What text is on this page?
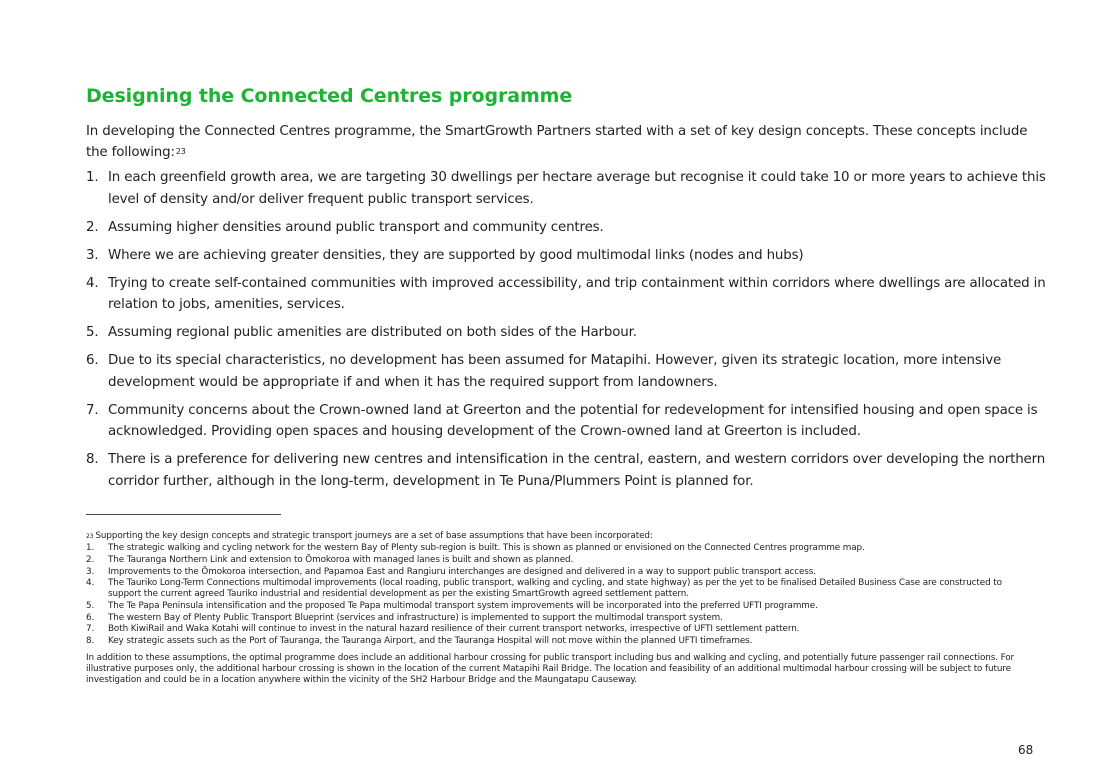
Designing the Connected Centres programme

In developing the Connected Centres programme, the SmartGrowth Partners started with a set of key design concepts. These concepts include the following:$^{23}$

1. In each greenfield growth area, we are targeting 30 dwellings per hectare average but recognise it could take 10 or more years to achieve this level of density and/or deliver frequent public transport services.
2. Assuming higher densities around public transport and community centres.
3. Where we are achieving greater densities, they are supported by good multimodal links (nodes and hubs)
4. Trying to create self-contained communities with improved accessibility, and trip containment within corridors where dwellings are allocated in relation to jobs, amenities, services.
5. Assuming regional public amenities are distributed on both sides of the Harbour.
6. Due to its special characteristics, no development has been assumed for Matapihi. However, given its strategic location, more intensive development would be appropriate if and when it has the required support from landowners.
7. Community concerns about the Crown-owned land at Greerton and the potential for redevelopment for intensified housing and open space is acknowledged. Providing open spaces and housing development of the Crown-owned land at Greerton is included.
8. There is a preference for delivering new centres and intensification in the central, eastern, and western corridors over developing the northern corridor further, although in the long-term, development in Te Puna/Plummers Point is planned for.

$^{23}$ Supporting the key design concepts and strategic transport journeys are a set of base assumptions that have been incorporated:

1. The strategic walking and cycling network for the western Bay of Plenty sub-region is built. This is shown as planned or envisioned on the Connected Centres programme map.
2. The Tauranga Northern Link and extension to Ōmokoroa with managed lanes is built and shown as planned.
3. Improvements to the Ōmokoroa intersection, and Papamoa East and Rangiuru interchanges are designed and delivered in a way to support public transport access.
4. The Tauriko Long-Term Connections multimodal improvements (local roading, public transport, walking and cycling, and state highway) as per the yet to be finalised Detailed Business Case are constructed to support the current agreed Tauriko industrial and residential development as per the existing SmartGrowth agreed settlement pattern.
5. The Te Papa Peninsula intensification and the proposed Te Papa multimodal transport system improvements will be incorporated into the preferred UFTI programme.
6. The western Bay of Plenty Public Transport Blueprint (services and infrastructure) is implemented to support the multimodal transport system.
7. Both KiwiRail and Waka Kotahi will continue to invest in the natural hazard resilience of their current transport networks, irrespective of UFTI settlement pattern.
8. Key strategic assets such as the Port of Tauranga, the Tauranga Airport, and the Tauranga Hospital will not move within the planned UFTI timeframes.

In addition to these assumptions, the optimal programme does include an additional harbour crossing for public transport including bus and walking and cycling, and potentially future passenger rail connections. For illustrative purposes only, the additional harbour crossing is shown in the location of the current Matapihi Rail Bridge. The location and feasibility of an additional multimodal harbour crossing will be subject to future investigation and could be in a location anywhere within the vicinity of the SH2 Harbour Bridge and the Maungatapu Causeway.

68
